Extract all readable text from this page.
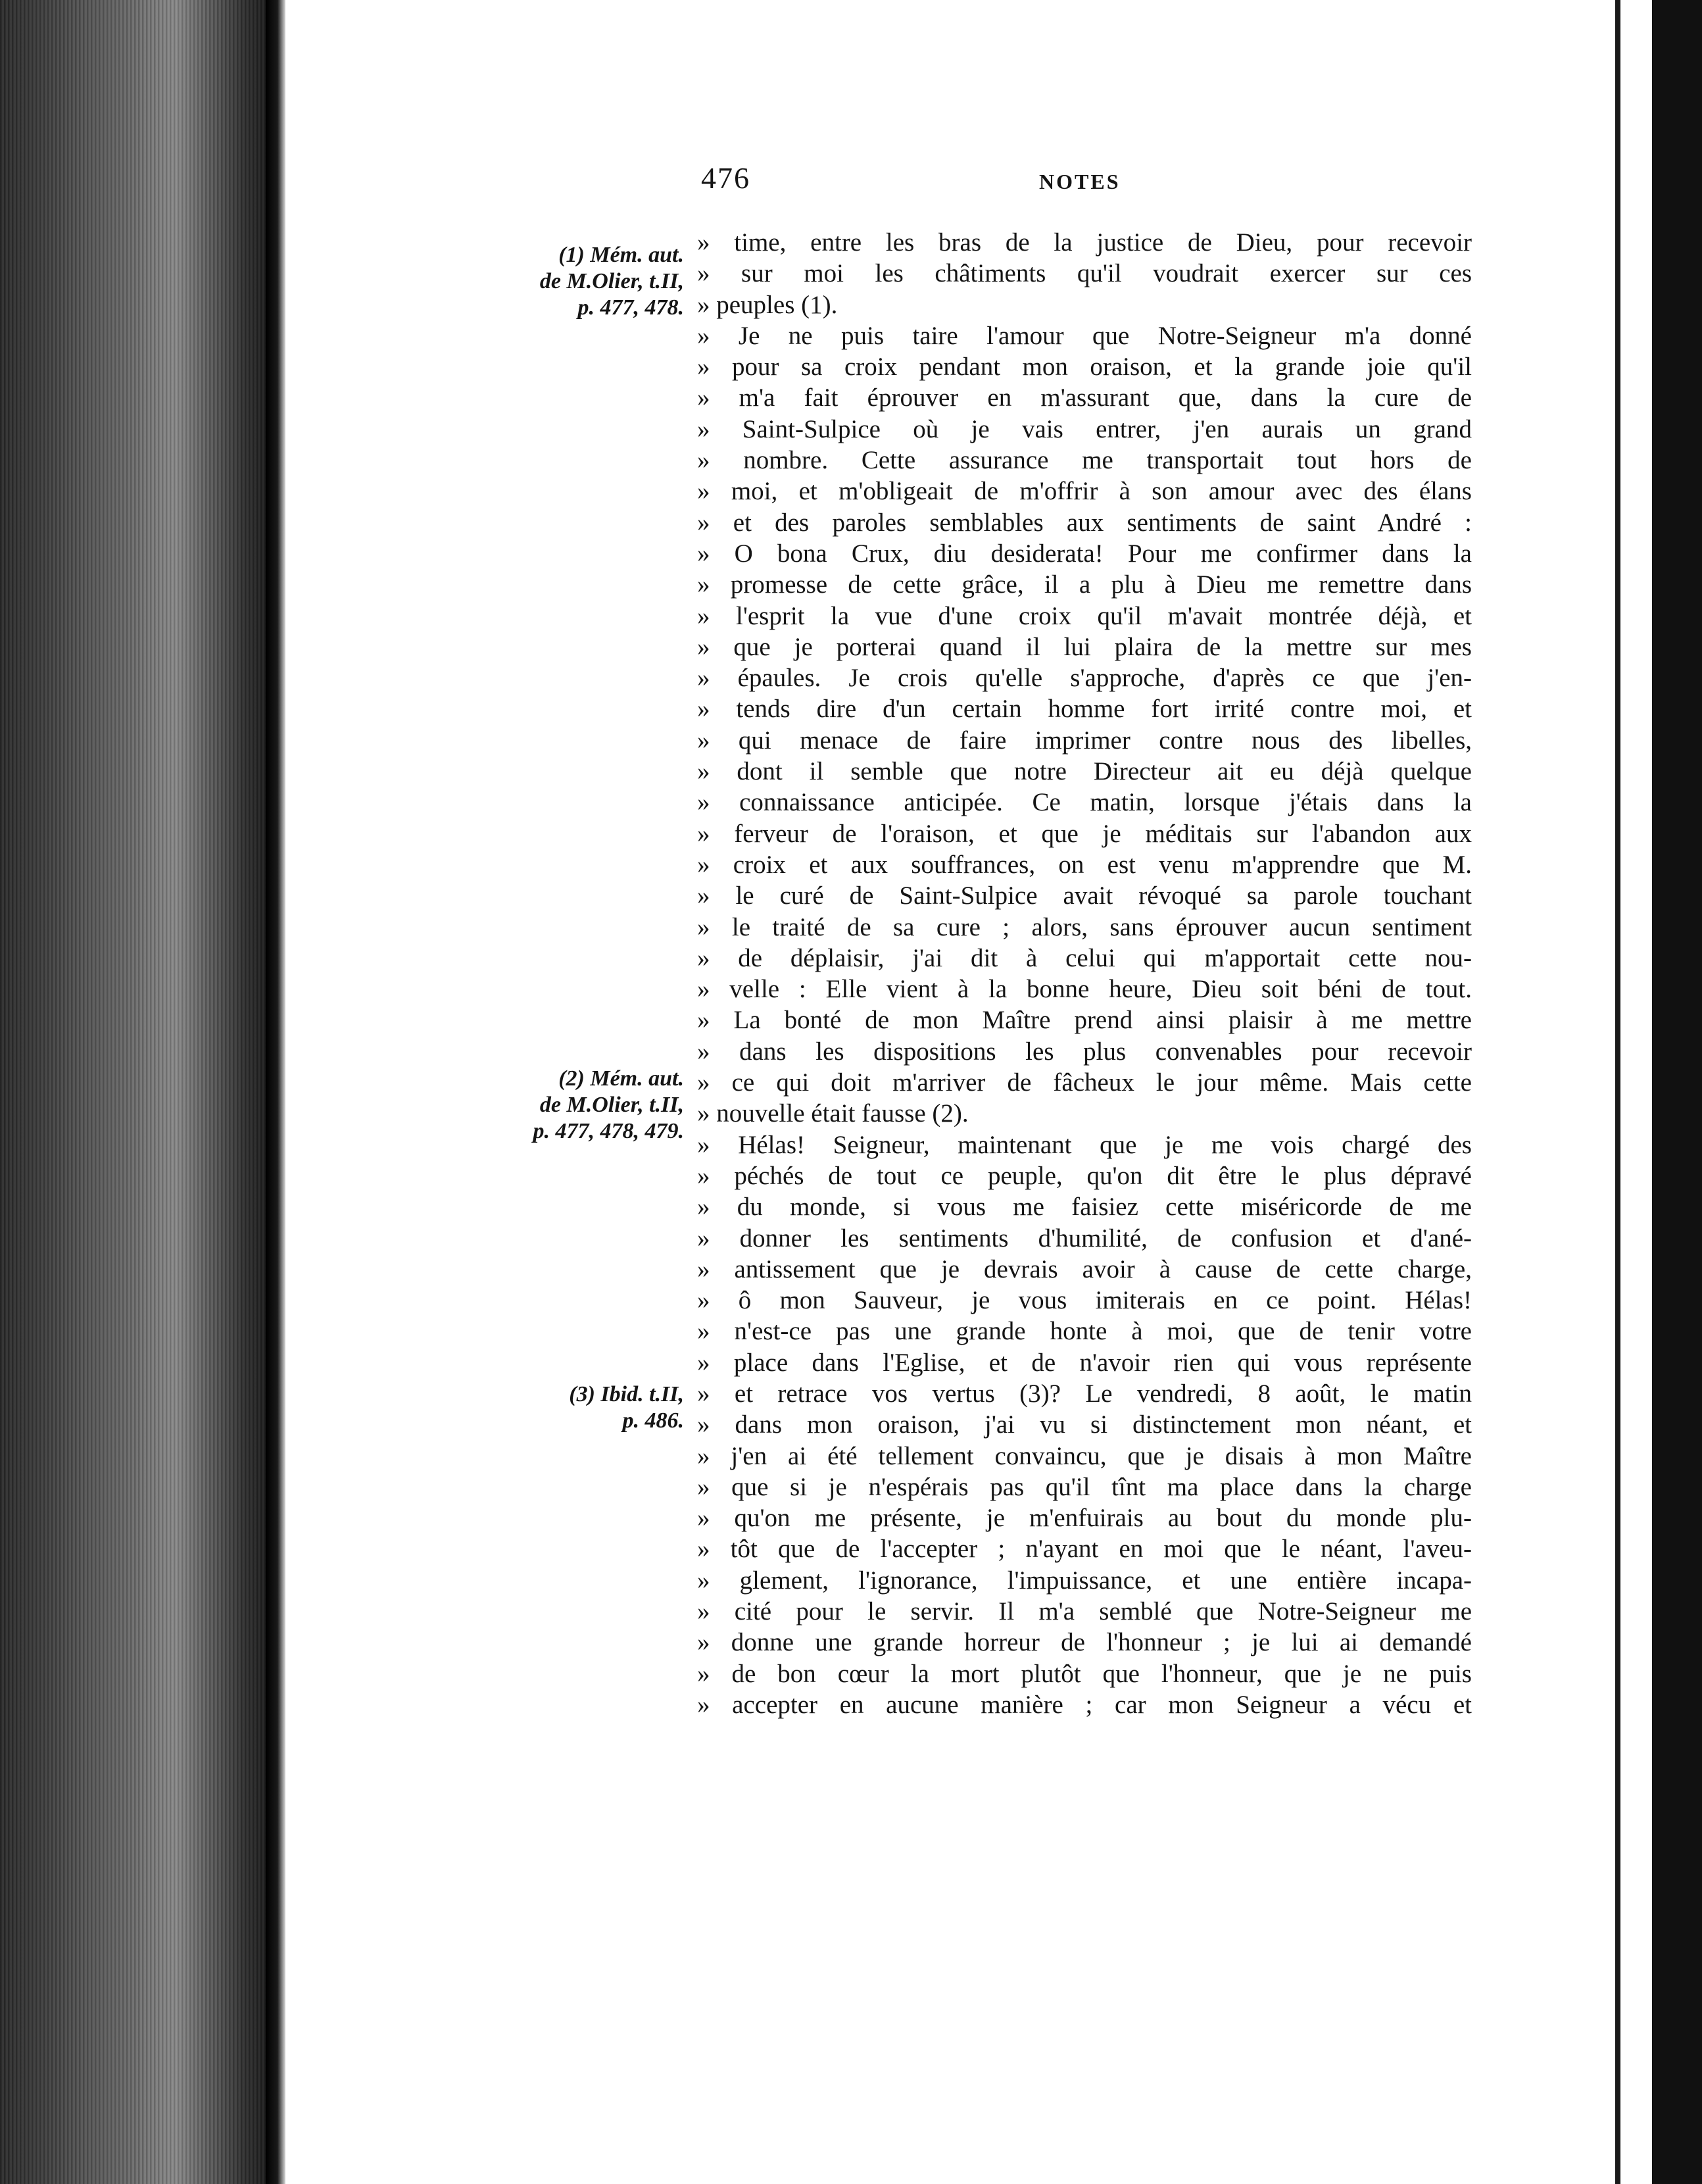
476	NOTES
(1) Mém. aut.
de M.Olier, t.II,
p. 477, 478.
(2) Mém. aut.
de M.Olier, t.II,
p. 477, 478, 479.
(3) Ibid. t.II,
p. 486.
» time, entre les bras de la justice de Dieu, pour recevoir
» sur moi les châtiments qu'il voudrait exercer sur ces
» peuples (1).
» Je ne puis taire l'amour que Notre-Seigneur m'a donné
» pour sa croix pendant mon oraison, et la grande joie qu'il
» m'a fait éprouver en m'assurant que, dans la cure de
» Saint-Sulpice où je vais entrer, j'en aurais un grand
» nombre. Cette assurance me transportait tout hors de
» moi, et m'obligeait de m'offrir à son amour avec des élans
» et des paroles semblables aux sentiments de saint André :
» O bona Crux, diu desiderata! Pour me confirmer dans la
» promesse de cette grâce, il a plu à Dieu me remettre dans
» l'esprit la vue d'une croix qu'il m'avait montrée déjà, et
» que je porterai quand il lui plaira de la mettre sur mes
» épaules. Je crois qu'elle s'approche, d'après ce que j'en-
» tends dire d'un certain homme fort irrité contre moi, et
» qui menace de faire imprimer contre nous des libelles,
» dont il semble que notre Directeur ait eu déjà quelque
» connaissance anticipée. Ce matin, lorsque j'étais dans la
» ferveur de l'oraison, et que je méditais sur l'abandon aux
» croix et aux souffrances, on est venu m'apprendre que M.
» le curé de Saint-Sulpice avait révoqué sa parole touchant
» le traité de sa cure ; alors, sans éprouver aucun sentiment
» de déplaisir, j'ai dit à celui qui m'apportait cette nou-
» velle : Elle vient à la bonne heure, Dieu soit béni de tout.
» La bonté de mon Maître prend ainsi plaisir à me mettre
» dans les dispositions les plus convenables pour recevoir
» ce qui doit m'arriver de fâcheux le jour même. Mais cette
» nouvelle était fausse (2).
» Hélas! Seigneur, maintenant que je me vois chargé des
» péchés de tout ce peuple, qu'on dit être le plus dépravé
» du monde, si vous me faisiez cette miséricorde de me
» donner les sentiments d'humilité, de confusion et d'ané-
» antissement que je devrais avoir à cause de cette charge,
» ô mon Sauveur, je vous imiterais en ce point. Hélas!
» n'est-ce pas une grande honte à moi, que de tenir votre
» place dans l'Eglise, et de n'avoir rien qui vous représente
» et retrace vos vertus (3)? Le vendredi, 8 août, le matin
» dans mon oraison, j'ai vu si distinctement mon néant, et
» j'en ai été tellement convaincu, que je disais à mon Maître
» que si je n'espérais pas qu'il tînt ma place dans la charge
» qu'on me présente, je m'enfuirais au bout du monde plu-
» tôt que de l'accepter ; n'ayant en moi que le néant, l'aveu-
» glement, l'ignorance, l'impuissance, et une entière incapa-
» cité pour le servir. Il m'a semblé que Notre-Seigneur me
» donne une grande horreur de l'honneur ; je lui ai demandé
» de bon cœur la mort plutôt que l'honneur, que je ne puis
» accepter en aucune manière ; car mon Seigneur a vécu et
